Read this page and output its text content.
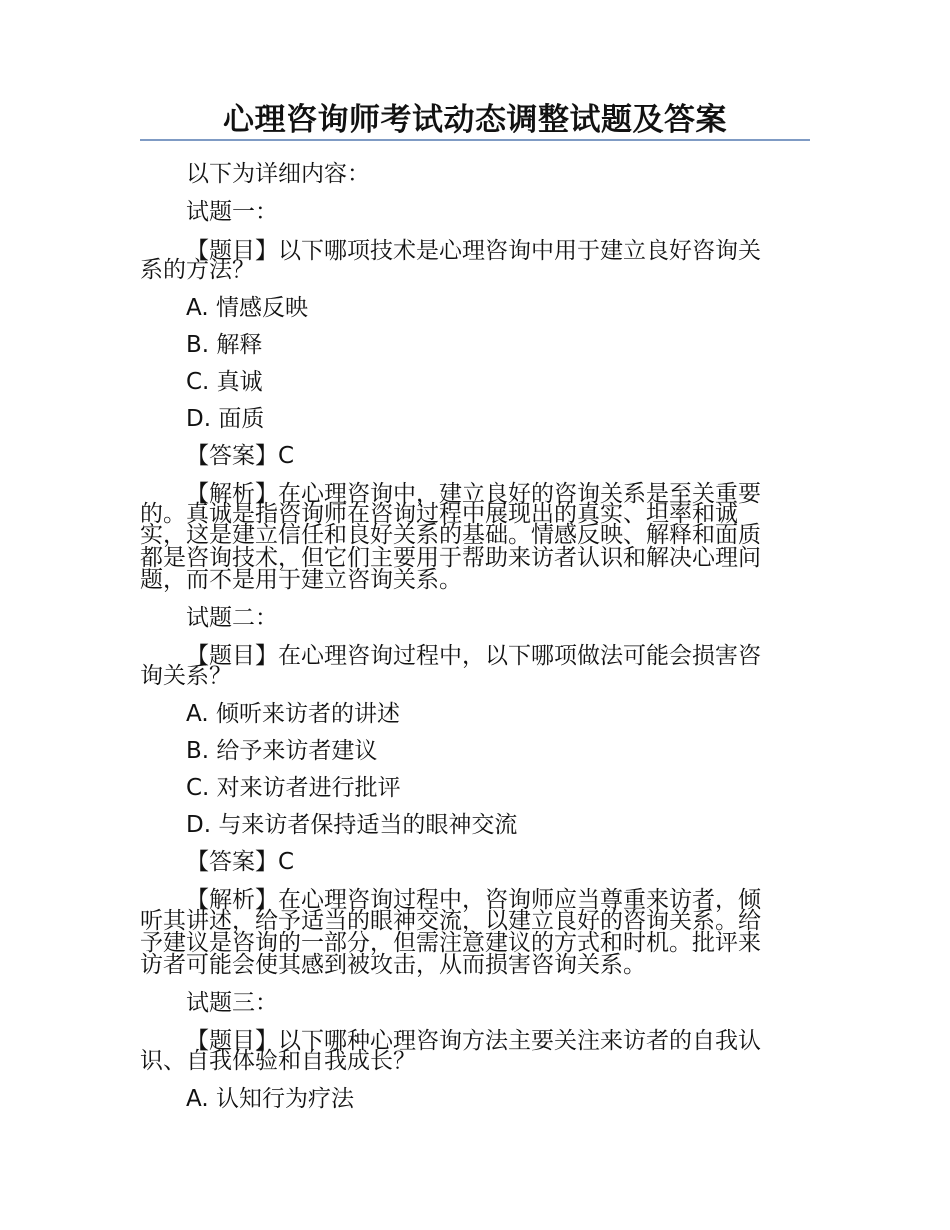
心理咨询师考试动态调整试题及答案
以下为详细内容：
试题一：
【题目】以下哪项技术是心理咨询中用于建立良好咨询关
系的方法？
A. 情感反映
B. 解释
C. 真诚
D. 面质
【答案】C
【解析】在心理咨询中，建立良好的咨询关系是至关重要
的。真诚是指咨询师在咨询过程中展现出的真实、坦率和诚
实，这是建立信任和良好关系的基础。情感反映、解释和面质
都是咨询技术，但它们主要用于帮助来访者认识和解决心理问
题，而不是用于建立咨询关系。
试题二：
【题目】在心理咨询过程中，以下哪项做法可能会损害咨
询关系？
A. 倾听来访者的讲述
B. 给予来访者建议
C. 对来访者进行批评
D. 与来访者保持适当的眼神交流
【答案】C
【解析】在心理咨询过程中，咨询师应当尊重来访者，倾
听其讲述，给予适当的眼神交流，以建立良好的咨询关系。给
予建议是咨询的一部分，但需注意建议的方式和时机。批评来
访者可能会使其感到被攻击，从而损害咨询关系。
试题三：
【题目】以下哪种心理咨询方法主要关注来访者的自我认
识、自我体验和自我成长？
A. 认知行为疗法
